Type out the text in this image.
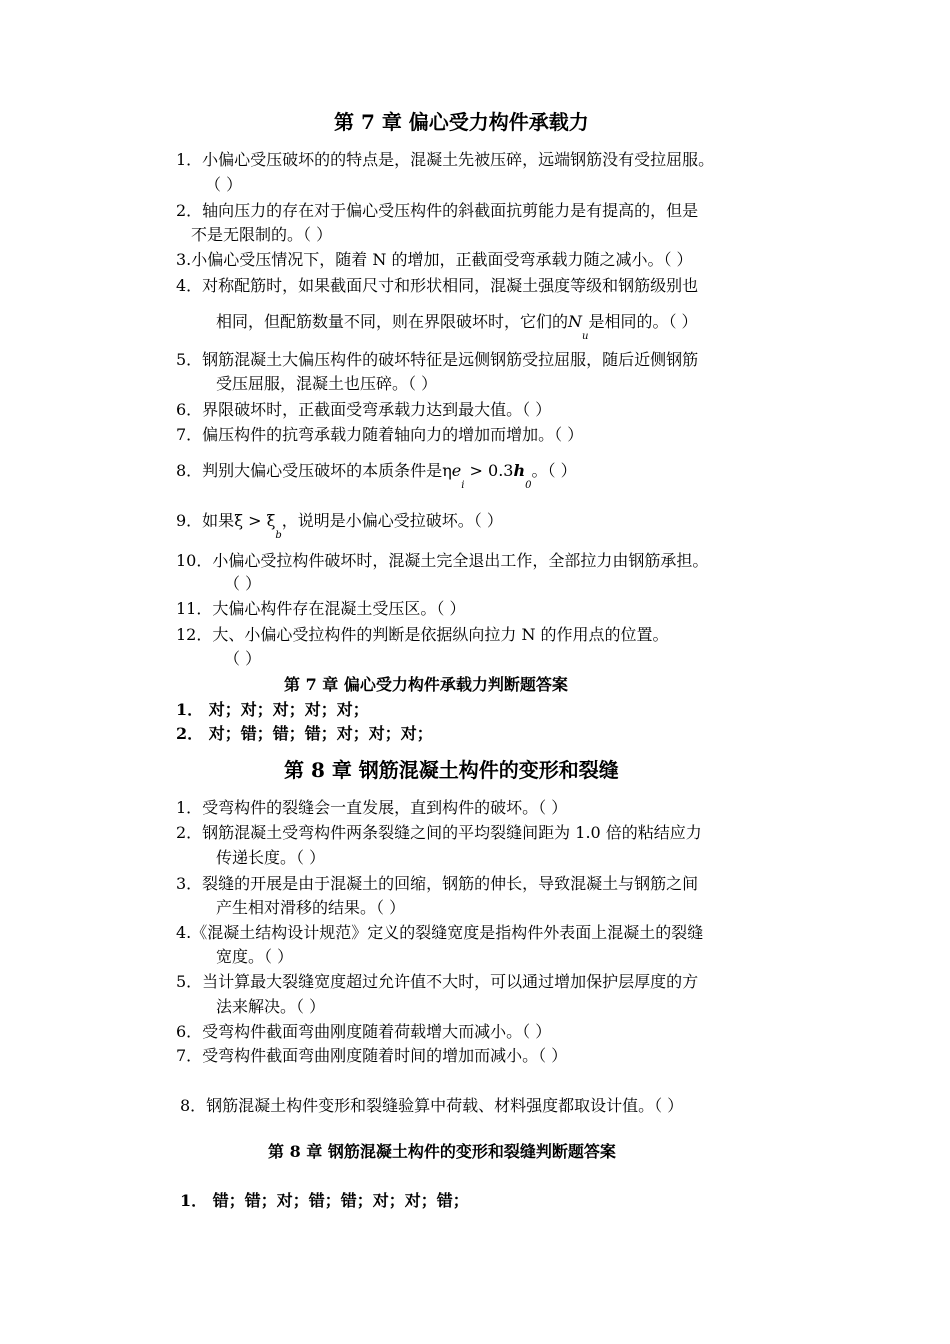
第 7 章 偏心受力构件承载力
1．小偏心受压破坏的的特点是，混凝土先被压碎，远端钢筋没有受拉屈服。
（ ）
2．轴向压力的存在对于偏心受压构件的斜截面抗剪能力是有提高的，但是
不是无限制的。（ ）
3.小偏心受压情况下，随着 N 的增加，正截面受弯承载力随之减小。（ ）
4．对称配筋时，如果截面尺寸和形状相同，混凝土强度等级和钢筋级别也
相同，但配筋数量不同，则在界限破坏时，它们的$N_u$是相同的。（ ）
5．钢筋混凝土大偏压构件的破坏特征是远侧钢筋受拉屈服，随后近侧钢筋
受压屈服，混凝土也压碎。（ ）
6．界限破坏时，正截面受弯承载力达到最大值。（ ）
7．偏压构件的抗弯承载力随着轴向力的增加而增加。（ ）
8．判别大偏心受压破坏的本质条件是$\eta e_i > 0.3h_0$。（ ）
9．如果$\xi > \xi_b$，说明是小偏心受拉破坏。（ ）
10．小偏心受拉构件破坏时，混凝土完全退出工作，全部拉力由钢筋承担。
（ ）
11．大偏心构件存在混凝土受压区。（ ）
12．大、小偏心受拉构件的判断是依据纵向拉力 N 的作用点的位置。
（ ）
第 7 章 偏心受力构件承载力判断题答案
1． 对；对；对；对；对；
2． 对；错；错；错；对；对；对；
第 8 章 钢筋混凝土构件的变形和裂缝
1．受弯构件的裂缝会一直发展，直到构件的破坏。（ ）
2．钢筋混凝土受弯构件两条裂缝之间的平均裂缝间距为 1.0 倍的粘结应力
传递长度。（ ）
3．裂缝的开展是由于混凝土的回缩，钢筋的伸长，导致混凝土与钢筋之间
产生相对滑移的结果。（ ）
4.《混凝土结构设计规范》定义的裂缝宽度是指构件外表面上混凝土的裂缝
宽度。（ ）
5．当计算最大裂缝宽度超过允许值不大时，可以通过增加保护层厚度的方
法来解决。（ ）
6．受弯构件截面弯曲刚度随着荷载增大而减小。（ ）
7．受弯构件截面弯曲刚度随着时间的增加而减小。（ ）
8．钢筋混凝土构件变形和裂缝验算中荷载、材料强度都取设计值。（ ）
第 8 章 钢筋混凝土构件的变形和裂缝判断题答案
1． 错；错；对；错；错；对；对；错；
